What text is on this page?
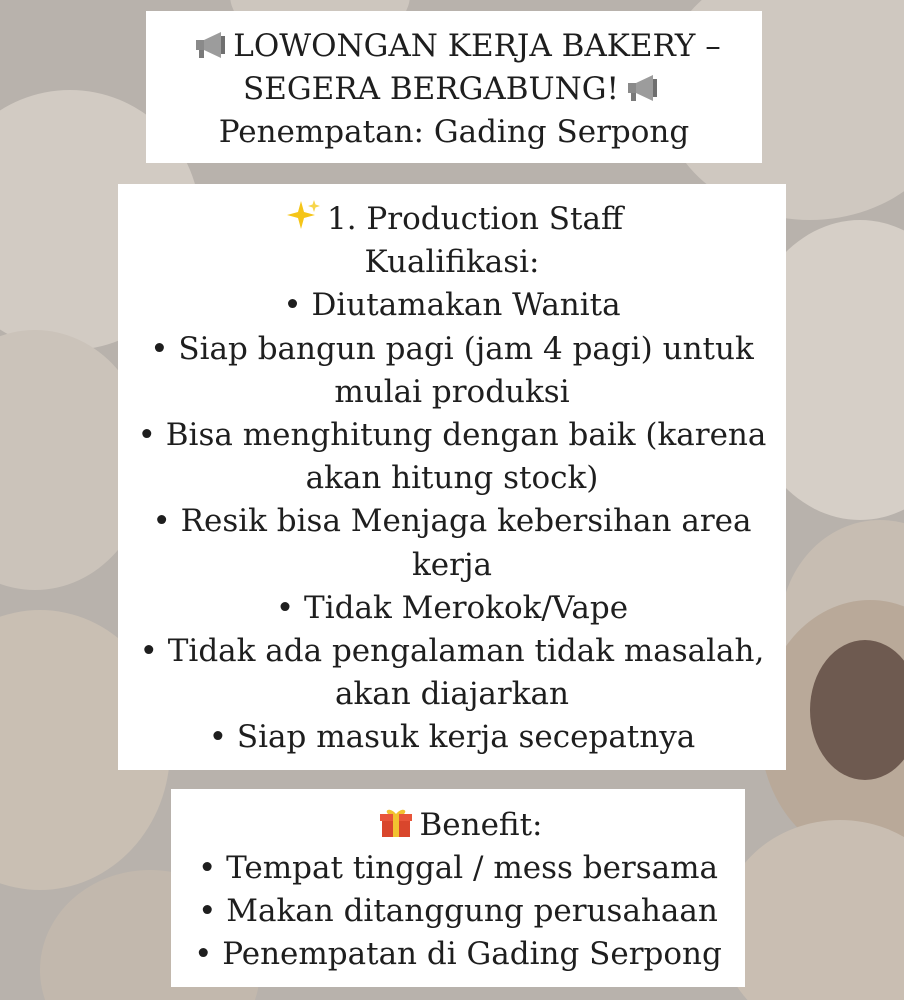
LOWONGAN KERJA BAKERY –
SEGERA BERGABUNG!
Penempatan: Gading Serpong
1. Production Staff
Kualifikasi:
• Diutamakan Wanita
• Siap bangun pagi (jam 4 pagi) untuk
mulai produksi
• Bisa menghitung dengan baik (karena
akan hitung stock)
• Resik bisa Menjaga kebersihan area
kerja
• Tidak Merokok/Vape
• Tidak ada pengalaman tidak masalah,
akan diajarkan
• Siap masuk kerja secepatnya
Benefit:
• Tempat tinggal / mess bersama
• Makan ditanggung perusahaan
• Penempatan di Gading Serpong
